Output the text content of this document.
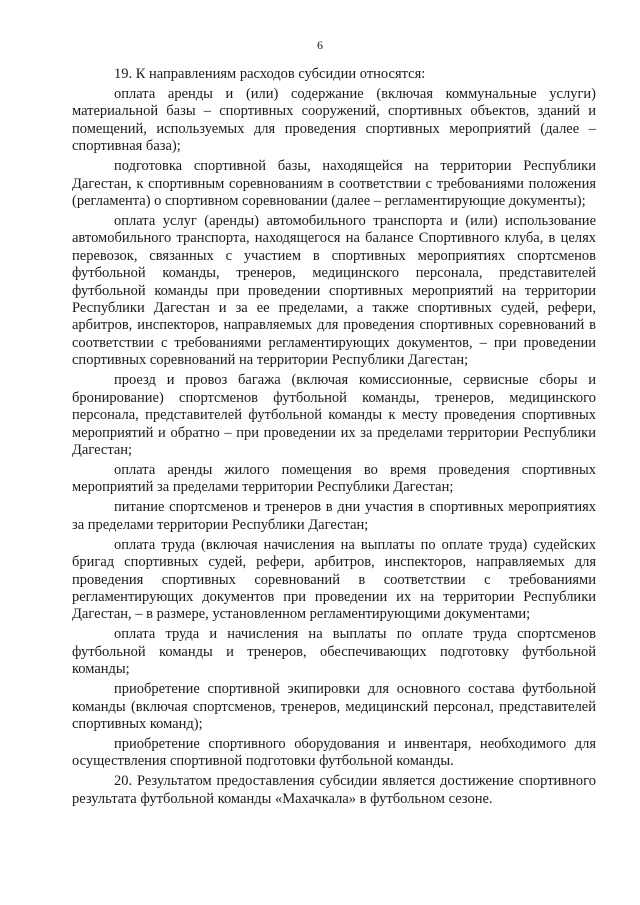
6

19. К направлениям расходов субсидии относятся:

оплата аренды и (или) содержание (включая коммунальные услуги) материальной базы – спортивных сооружений, спортивных объектов, зданий и помещений, используемых для проведения спортивных мероприятий (далее – спортивная база);

подготовка спортивной базы, находящейся на территории Республики Дагестан, к спортивным соревнованиям в соответствии с требованиями положения (регламента) о спортивном соревновании (далее – регламентирующие документы);

оплата услуг (аренды) автомобильного транспорта и (или) использование автомобильного транспорта, находящегося на балансе Спортивного клуба, в целях перевозок, связанных с участием в спортивных мероприятиях спортсменов футбольной команды, тренеров, медицинского персонала, представителей футбольной команды при проведении спортивных мероприятий на территории Республики Дагестан и за ее пределами, а также спортивных судей, рефери, арбитров, инспекторов, направляемых для проведения спортивных соревнований в соответствии с требованиями регламентирующих документов, – при проведении спортивных соревнований на территории Республики Дагестан;

проезд и провоз багажа (включая комиссионные, сервисные сборы и бронирование) спортсменов футбольной команды, тренеров, медицинского персонала, представителей футбольной команды к месту проведения спортивных мероприятий и обратно – при проведении их за пределами территории Республики Дагестан;

оплата аренды жилого помещения во время проведения спортивных мероприятий за пределами территории Республики Дагестан;

питание спортсменов и тренеров в дни участия в спортивных мероприятиях за пределами территории Республики Дагестан;

оплата труда (включая начисления на выплаты по оплате труда) судейских бригад спортивных судей, рефери, арбитров, инспекторов, направляемых для проведения спортивных соревнований в соответствии с требованиями регламентирующих документов при проведении их на территории Республики Дагестан, – в размере, установленном регламентирующими документами;

оплата труда и начисления на выплаты по оплате труда спортсменов футбольной команды и тренеров, обеспечивающих подготовку футбольной команды;

приобретение спортивной экипировки для основного состава футбольной команды (включая спортсменов, тренеров, медицинский персонал, представителей спортивных команд);

приобретение спортивного оборудования и инвентаря, необходимого для осуществления спортивной подготовки футбольной команды.

20. Результатом предоставления субсидии является достижение спортивного результата футбольной команды «Махачкала» в футбольном сезоне.
